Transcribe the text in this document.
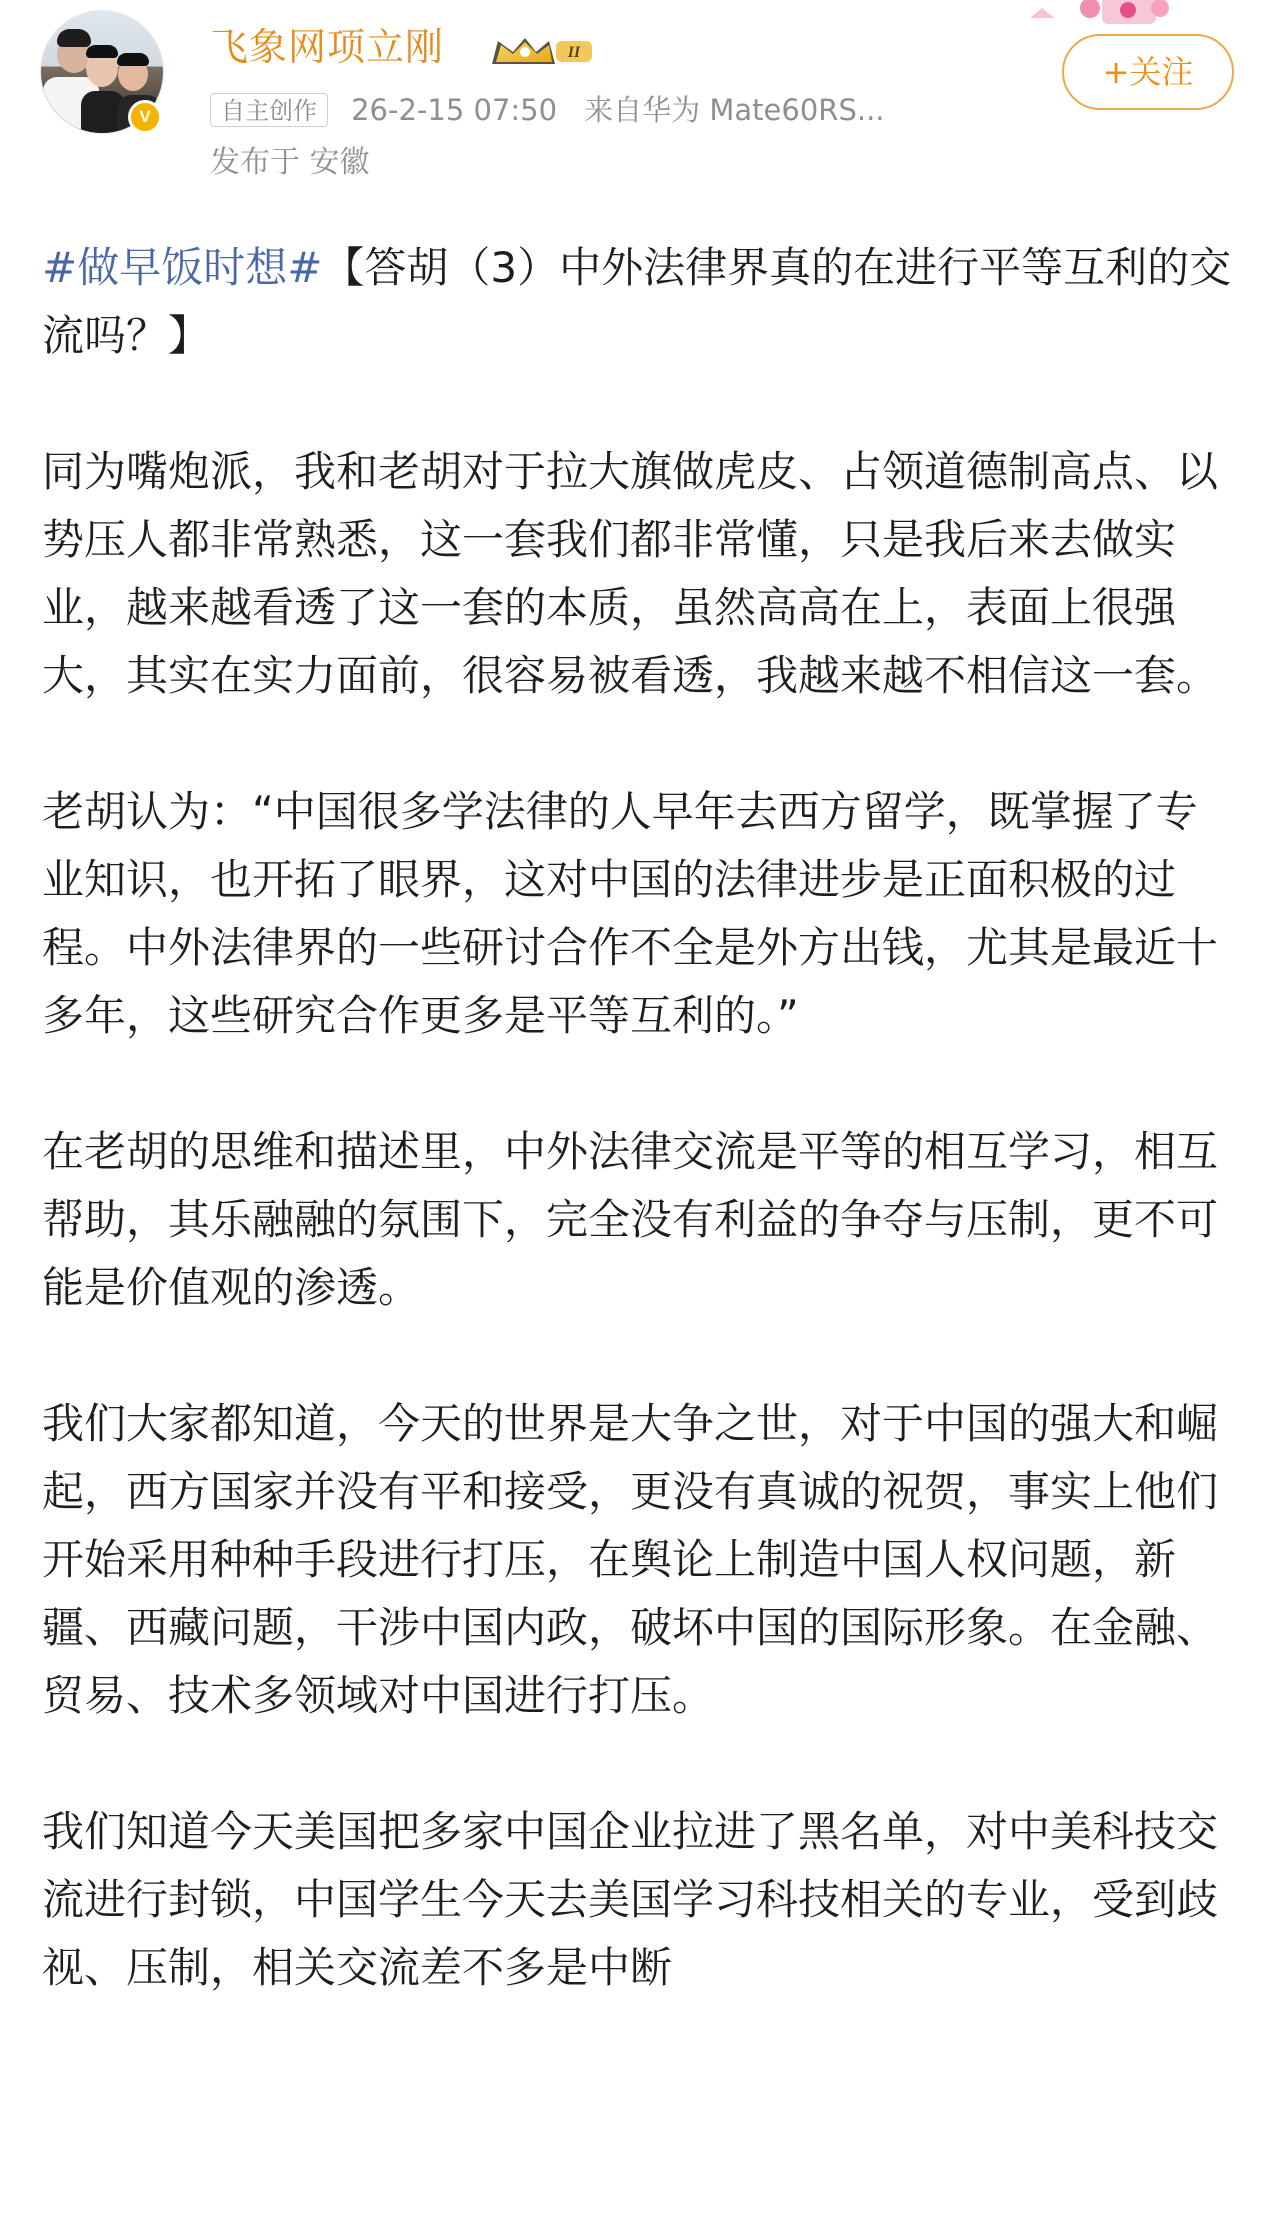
V
飞象网项立刚	II
自主创作 26-2-15 07:50 来自华为 Mate60RS...
发布于 安徽
+关注

#做早饭时想#【答胡（3）中外法律界真的在进行平等互利的交流吗？】

同为嘴炮派，我和老胡对于拉大旗做虎皮、占领道德制高点、以势压人都非常熟悉，这一套我们都非常懂，只是我后来去做实业，越来越看透了这一套的本质，虽然高高在上，表面上很强大，其实在实力面前，很容易被看透，我越来越不相信这一套。

老胡认为：“中国很多学法律的人早年去西方留学，既掌握了专业知识，也开拓了眼界，这对中国的法律进步是正面积极的过程。中外法律界的一些研讨合作不全是外方出钱，尤其是最近十多年，这些研究合作更多是平等互利的。”

在老胡的思维和描述里，中外法律交流是平等的相互学习，相互帮助，其乐融融的氛围下，完全没有利益的争夺与压制，更不可能是价值观的渗透。

我们大家都知道，今天的世界是大争之世，对于中国的强大和崛起，西方国家并没有平和接受，更没有真诚的祝贺，事实上他们开始采用种种手段进行打压，在舆论上制造中国人权问题，新疆、西藏问题，干涉中国内政，破坏中国的国际形象。在金融、贸易、技术多领域对中国进行打压。

我们知道今天美国把多家中国企业拉进了黑名单，对中美科技交流进行封锁，中国学生今天去美国学习科技相关的专业，受到歧视、压制，相关交流差不多是中断
